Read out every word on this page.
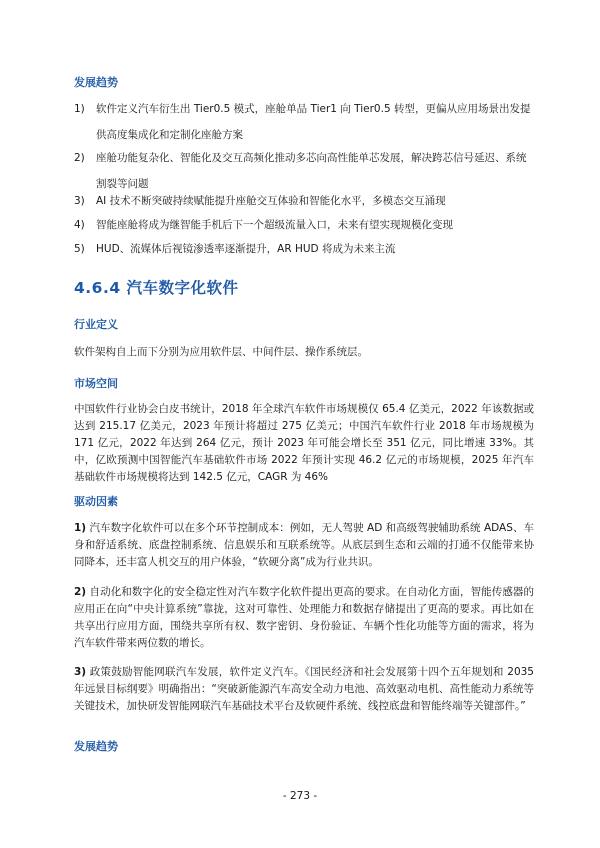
发展趋势
1)	软件定义汽车衍生出 Tier0.5 模式，座舱单品 Tier1 向 Tier0.5 转型，更偏从应用场景出发提供高度集成化和定制化座舱方案
2)	座舱功能复杂化、智能化及交互高频化推动多芯向高性能单芯发展，解决跨芯信号延迟、系统割裂等问题
3)	AI 技术不断突破持续赋能提升座舱交互体验和智能化水平，多模态交互涌现
4)	智能座舱将成为继智能手机后下一个超级流量入口，未来有望实现规模化变现
5)	HUD、流媒体后视镜渗透率逐渐提升，AR HUD 将成为未来主流
4.6.4 汽车数字化软件
行业定义
软件架构自上而下分别为应用软件层、中间件层、操作系统层。
市场空间
中国软件行业协会白皮书统计，2018 年全球汽车软件市场规模仅 65.4 亿美元，2022 年该数据或达到 215.17 亿美元，2023 年预计将超过 275 亿美元；中国汽车软件行业 2018 年市场规模为 171 亿元，2022 年达到 264 亿元，预计 2023 年可能会增长至 351 亿元，同比增速 33%。其中，亿欧预测中国智能汽车基础软件市场 2022 年预计实现 46.2 亿元的市场规模，2025 年汽车基础软件市场规模将达到 142.5 亿元，CAGR 为 46%
驱动因素
1) 汽车数字化软件可以在多个环节控制成本：例如，无人驾驶 AD 和高级驾驶辅助系统 ADAS、车身和舒适系统、底盘控制系统、信息娱乐和互联系统等。从底层到生态和云端的打通不仅能带来协同降本，还丰富人机交互的用户体验，“软硬分离”成为行业共识。
2) 自动化和数字化的安全稳定性对汽车数字化软件提出更高的要求。在自动化方面，智能传感器的应用正在向“中央计算系统”靠拢，这对可靠性、处理能力和数据存储提出了更高的要求。再比如在共享出行应用方面，围绕共享所有权、数字密钥、身份验证、车辆个性化功能等方面的需求，将为汽车软件带来两位数的增长。
3) 政策鼓励智能网联汽车发展，软件定义汽车。《国民经济和社会发展第十四个五年规划和 2035 年远景目标纲要》明确指出：“突破新能源汽车高安全动力电池、高效驱动电机、高性能动力系统等关键技术，加快研发智能网联汽车基础技术平台及软硬件系统、线控底盘和智能终端等关键部件。”
发展趋势
- 273 -
